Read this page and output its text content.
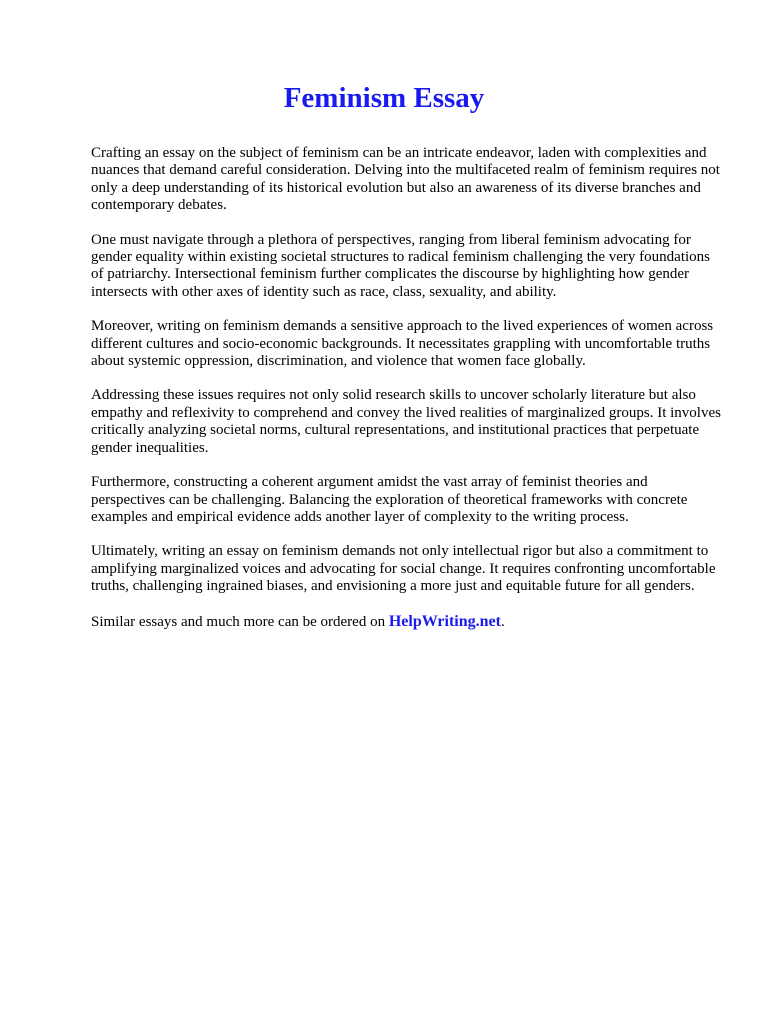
Feminism Essay

Crafting an essay on the subject of feminism can be an intricate endeavor, laden with complexities and nuances that demand careful consideration. Delving into the multifaceted realm of feminism requires not only a deep understanding of its historical evolution but also an awareness of its diverse branches and contemporary debates.

One must navigate through a plethora of perspectives, ranging from liberal feminism advocating for gender equality within existing societal structures to radical feminism challenging the very foundations of patriarchy. Intersectional feminism further complicates the discourse by highlighting how gender intersects with other axes of identity such as race, class, sexuality, and ability.

Moreover, writing on feminism demands a sensitive approach to the lived experiences of women across different cultures and socio-economic backgrounds. It necessitates grappling with uncomfortable truths about systemic oppression, discrimination, and violence that women face globally.

Addressing these issues requires not only solid research skills to uncover scholarly literature but also empathy and reflexivity to comprehend and convey the lived realities of marginalized groups. It involves critically analyzing societal norms, cultural representations, and institutional practices that perpetuate gender inequalities.

Furthermore, constructing a coherent argument amidst the vast array of feminist theories and perspectives can be challenging. Balancing the exploration of theoretical frameworks with concrete examples and empirical evidence adds another layer of complexity to the writing process.

Ultimately, writing an essay on feminism demands not only intellectual rigor but also a commitment to amplifying marginalized voices and advocating for social change. It requires confronting uncomfortable truths, challenging ingrained biases, and envisioning a more just and equitable future for all genders.

Similar essays and much more can be ordered on HelpWriting.net.
